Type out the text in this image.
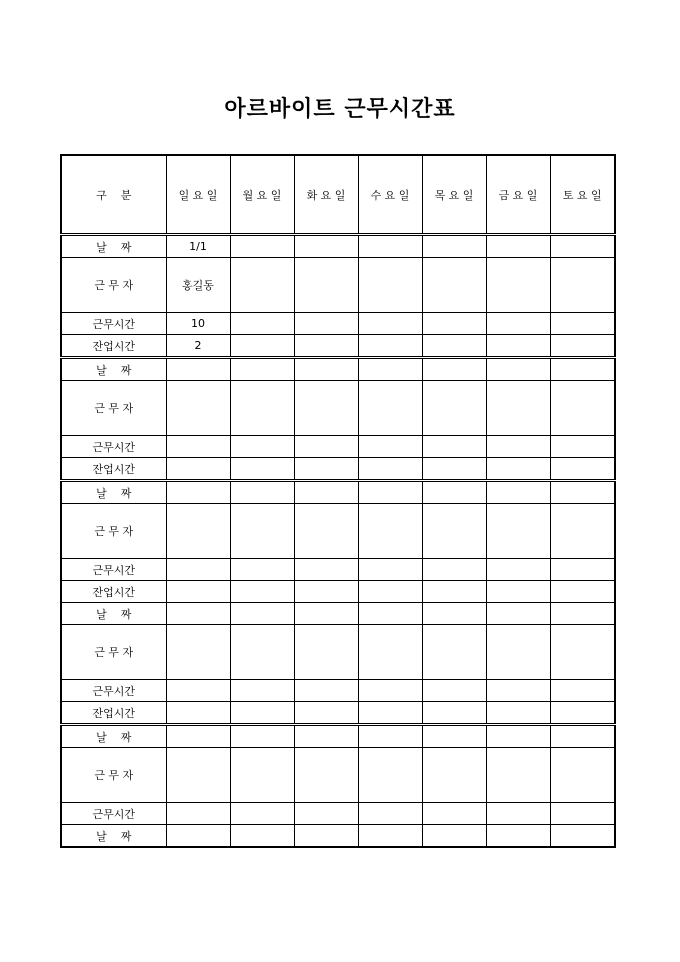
아르바이트 근무시간표
구    분	일 요 일	월 요 일	화 요 일	수 요 일	목 요 일	금 요 일	토 요 일
날    짜	1/1						
근 무 자	홍길동						
근무시간	10						
잔업시간	2						
날    짜							
근 무 자							
근무시간							
잔업시간							
날    짜							
근 무 자							
근무시간							
잔업시간							
날    짜							
근 무 자							
근무시간							
잔업시간							
날    짜							
근 무 자							
근무시간							
날    짜							
